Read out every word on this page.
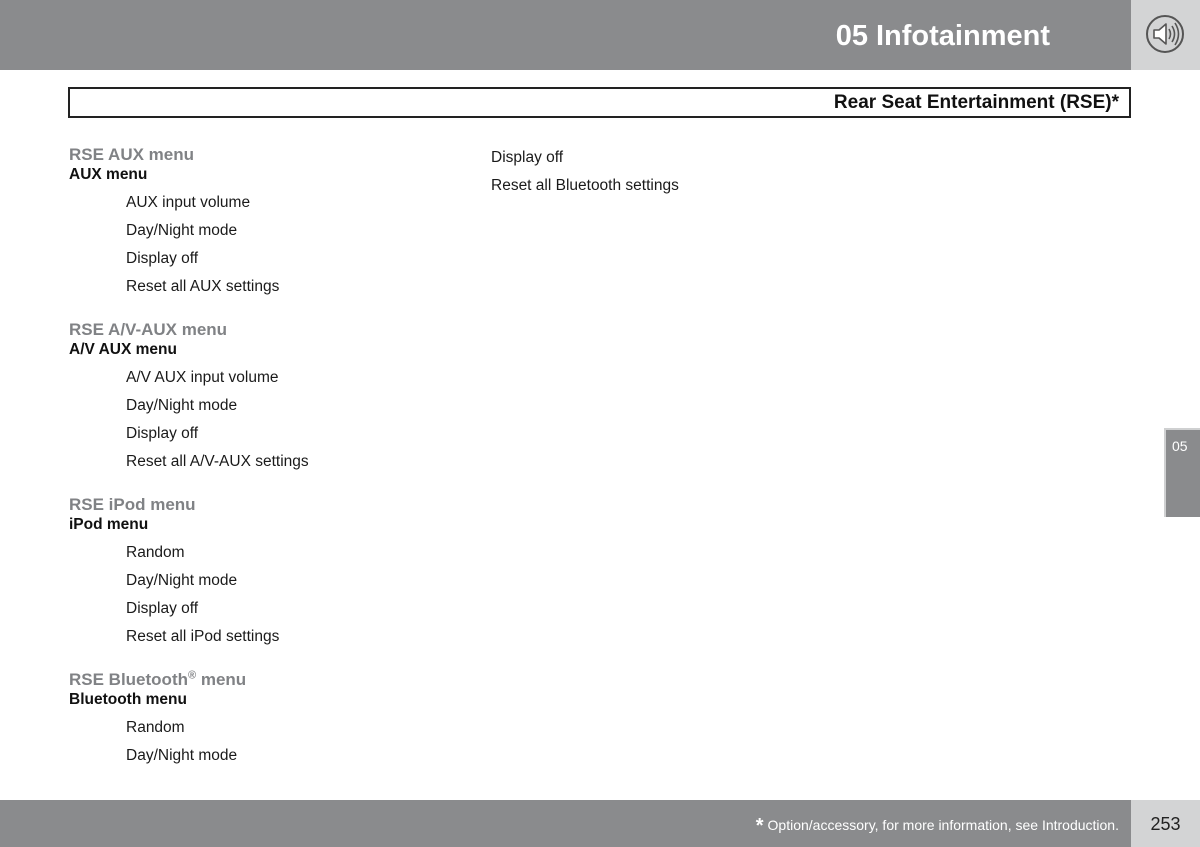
05 Infotainment
Rear Seat Entertainment (RSE)*
RSE AUX menu
AUX menu
AUX input volume
Day/Night mode
Display off
Reset all AUX settings
RSE A/V-AUX menu
A/V AUX menu
A/V AUX input volume
Day/Night mode
Display off
Reset all A/V-AUX settings
RSE iPod menu
iPod menu
Random
Day/Night mode
Display off
Reset all iPod settings
RSE Bluetooth® menu
Bluetooth menu
Random
Day/Night mode
Display off
Reset all Bluetooth settings
05
* Option/accessory, for more information, see Introduction.	253
